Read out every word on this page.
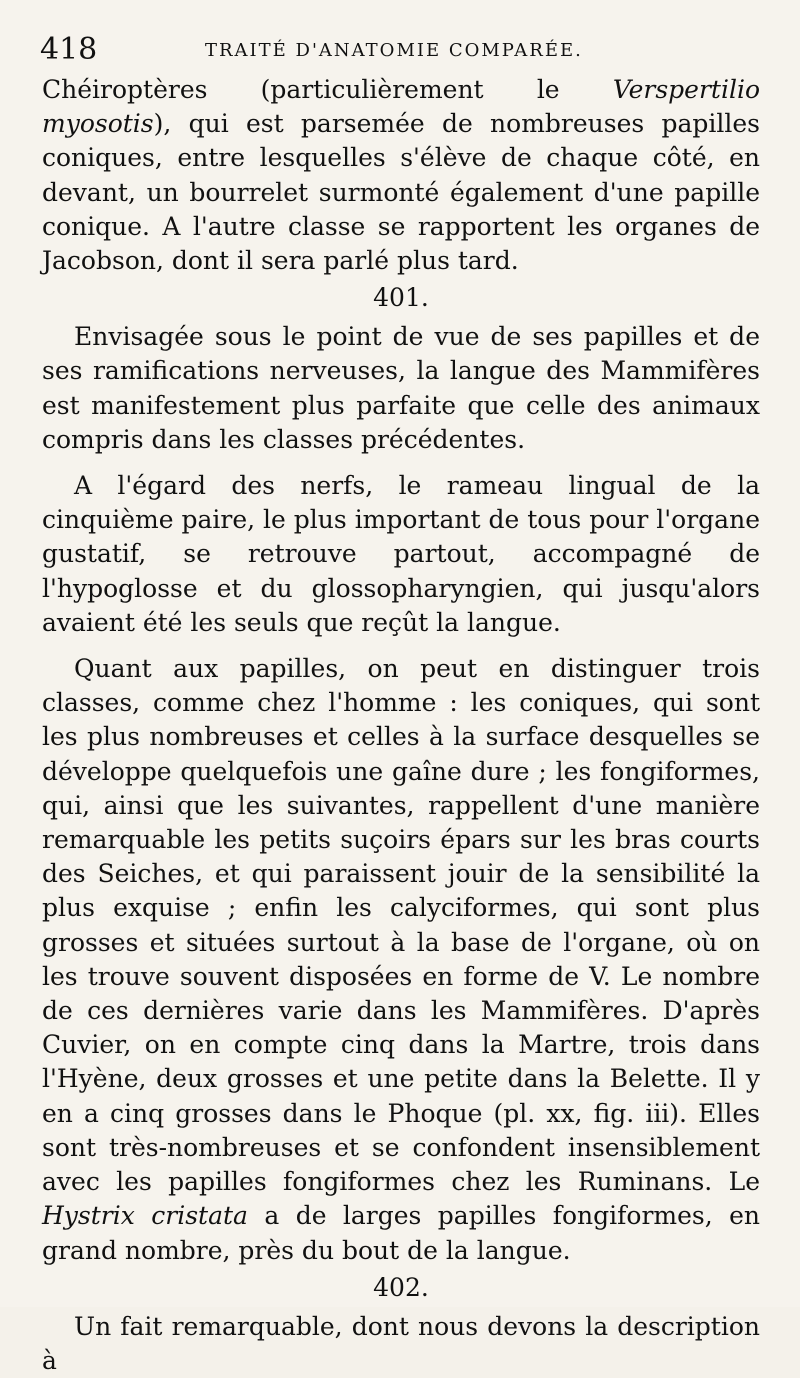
418	TRAITÉ D'ANATOMIE COMPARÉE.

Chéiroptères (particulièrement le Verspertilio myosotis), qui est parsemée de nombreuses papilles coniques, entre lesquelles s'élève de chaque côté, en devant, un bourrelet surmonté également d'une papille conique. A l'autre classe se rapportent les organes de Jacobson, dont il sera parlé plus tard.

401.

Envisagée sous le point de vue de ses papilles et de ses ramifications nerveuses, la langue des Mammifères est manifestement plus parfaite que celle des animaux compris dans les classes précédentes.

A l'égard des nerfs, le rameau lingual de la cinquième paire, le plus important de tous pour l'organe gustatif, se retrouve partout, accompagné de l'hypoglosse et du glossopharyngien, qui jusqu'alors avaient été les seuls que reçût la langue.

Quant aux papilles, on peut en distinguer trois classes, comme chez l'homme : les coniques, qui sont les plus nombreuses et celles à la surface desquelles se développe quelquefois une gaîne dure ; les fongiformes, qui, ainsi que les suivantes, rappellent d'une manière remarquable les petits suçoirs épars sur les bras courts des Seiches, et qui paraissent jouir de la sensibilité la plus exquise ; enfin les calyciformes, qui sont plus grosses et situées surtout à la base de l'organe, où on les trouve souvent disposées en forme de V. Le nombre de ces dernières varie dans les Mammifères. D'après Cuvier, on en compte cinq dans la Martre, trois dans l'Hyène, deux grosses et une petite dans la Belette. Il y en a cinq grosses dans le Phoque (pl. xx, fig. iii). Elles sont très-nombreuses et se confondent insensiblement avec les papilles fongiformes chez les Ruminans. Le Hystrix cristata a de larges papilles fongiformes, en grand nombre, près du bout de la langue.

402.

Un fait remarquable, dont nous devons la description à
